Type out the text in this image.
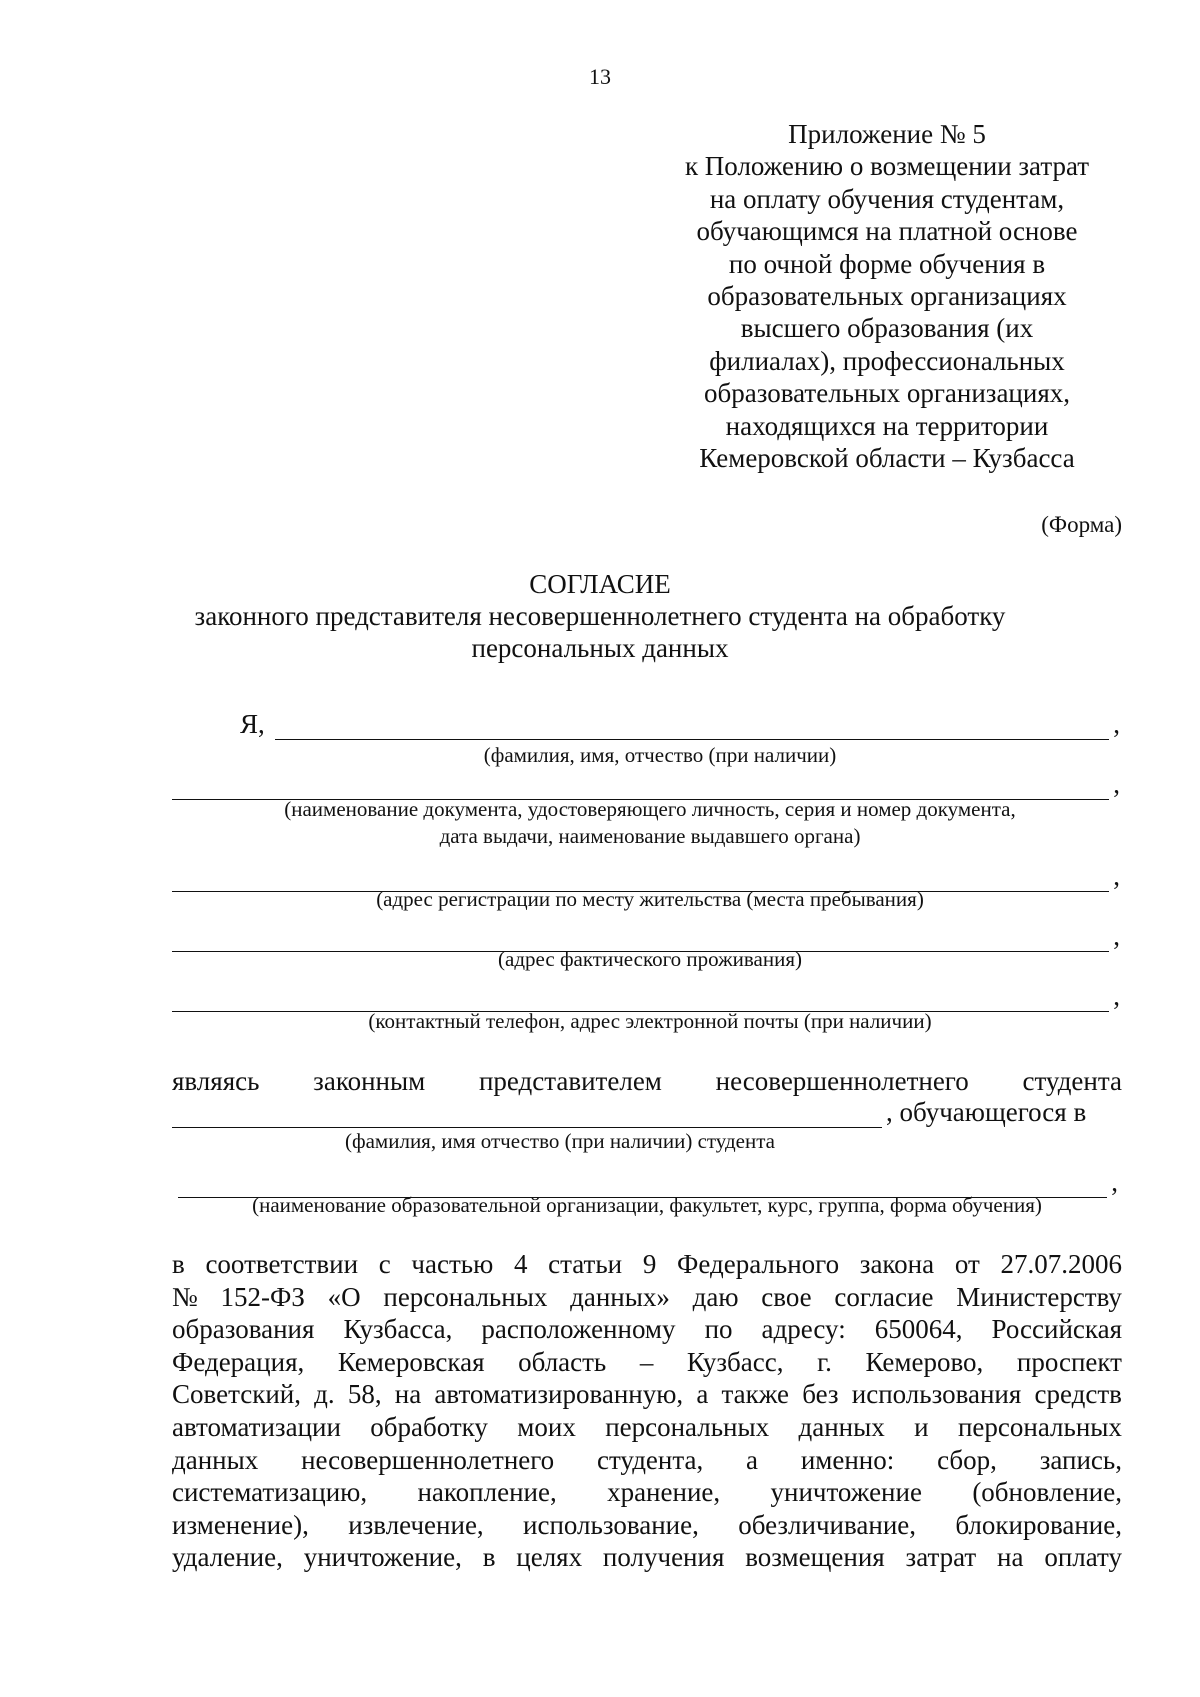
13
Приложение № 5
к Положению о возмещении затрат
на оплату обучения студентам,
обучающимся на платной основе
по очной форме обучения в
образовательных организациях
высшего образования (их
филиалах), профессиональных
образовательных организациях,
находящихся на территории
Кемеровской области – Кузбасса
(Форма)
СОГЛАСИЕ
законного представителя несовершеннолетнего студента на обработку персональных данных
Я,	,
(фамилия, имя, отчество (при наличии)
,
(наименование документа, удостоверяющего личность, серия и номер документа, дата выдачи, наименование выдавшего органа)
,
(адрес регистрации по месту жительства (места пребывания)
,
(адрес фактического проживания)
,
(контактный телефон, адрес электронной почты (при наличии)
являясь законным представителем несовершеннолетнего студента
, обучающегося в
(фамилия, имя отчество (при наличии) студента
,
(наименование образовательной организации, факультет, курс, группа, форма обучения)
в соответствии с частью 4 статьи 9 Федерального закона от 27.07.2006
№ 152-ФЗ «О персональных данных» даю свое согласие Министерству
образования Кузбасса, расположенному по адресу: 650064, Российская
Федерация, Кемеровская область – Кузбасс, г. Кемерово, проспект
Советский, д. 58, на автоматизированную, а также без использования средств
автоматизации обработку моих персональных данных и персональных
данных несовершеннолетнего студента, а именно: сбор, запись,
систематизацию, накопление, хранение, уничтожение (обновление,
изменение), извлечение, использование, обезличивание, блокирование,
удаление, уничтожение, в целях получения возмещения затрат на оплату
